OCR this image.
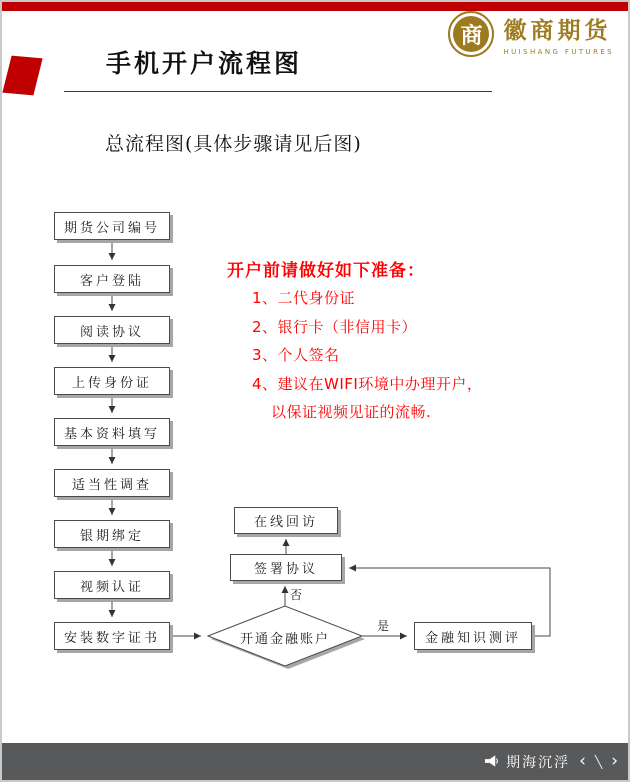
手机开户流程图
商 徽商期货
HUISHANG FUTURES
总流程图(具体步骤请见后图)
期货公司编号
客户登陆
阅读协议
上传身份证
基本资料填写
适当性调查
银期绑定
视频认证
安装数字证书
在线回访
签署协议
开通金融账户	金融知识测评
否
是
开户前请做好如下准备：
1、二代身份证
2、银行卡（非信用卡）
3、个人签名
4、建议在WIFI环境中办理开户，
以保证视频见证的流畅.
期海沉浮 ‹ ╲ ›
